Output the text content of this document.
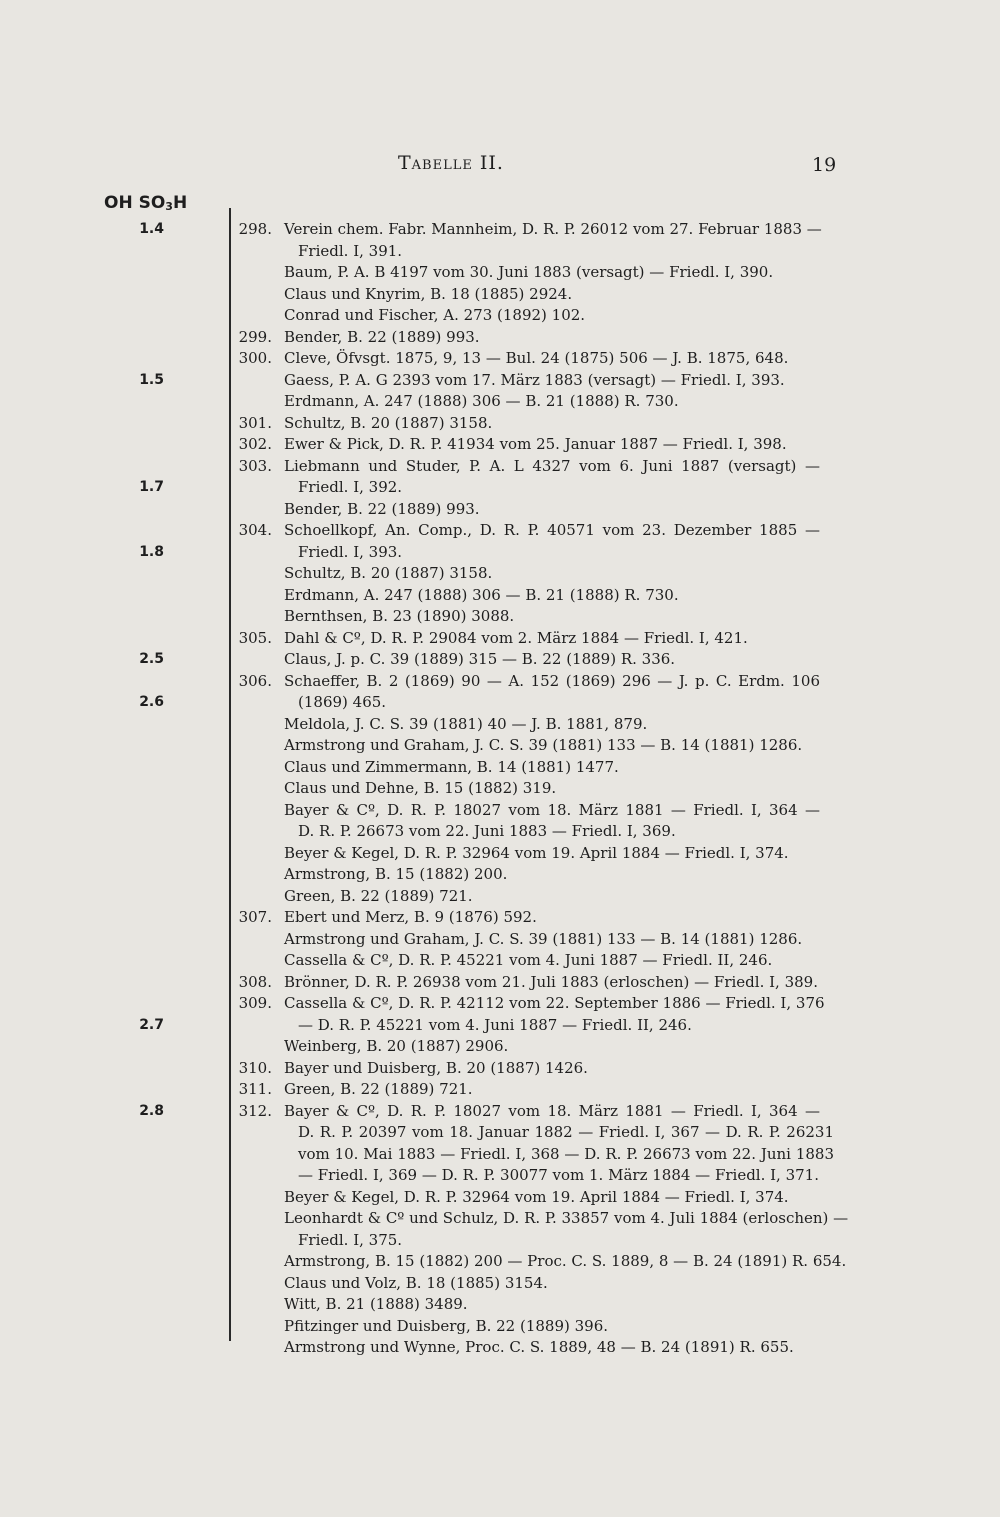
Tabelle II.	19
OH SO3H
1.4
1.5
1.7
1.8
2.5
2.6
2.7
2.8
298. Verein chem. Fabr. Mannheim, D. R. P. 26012 vom 27. Februar 1883 —
Friedl. I, 391.
Baum, P. A. B 4197 vom 30. Juni 1883 (versagt) — Friedl. I, 390.
Claus und Knyrim, B. 18 (1885) 2924.
Conrad und Fischer, A. 273 (1892) 102.
299. Bender, B. 22 (1889) 993.
300. Cleve, Öfvsgt. 1875, 9, 13 — Bul. 24 (1875) 506 — J. B. 1875, 648.
Gaess, P. A. G 2393 vom 17. März 1883 (versagt) — Friedl. I, 393.
Erdmann, A. 247 (1888) 306 — B. 21 (1888) R. 730.
301. Schultz, B. 20 (1887) 3158.
302. Ewer & Pick, D. R. P. 41934 vom 25. Januar 1887 — Friedl. I, 398.
303. Liebmann und Studer, P. A. L 4327 vom 6. Juni 1887 (versagt) —
Friedl. I, 392.
Bender, B. 22 (1889) 993.
304. Schoellkopf, An. Comp., D. R. P. 40571 vom 23. Dezember 1885 —
Friedl. I, 393.
Schultz, B. 20 (1887) 3158.
Erdmann, A. 247 (1888) 306 — B. 21 (1888) R. 730.
Bernthsen, B. 23 (1890) 3088.
305. Dahl & Cº, D. R. P. 29084 vom 2. März 1884 — Friedl. I, 421.
Claus, J. p. C. 39 (1889) 315 — B. 22 (1889) R. 336.
306. Schaeffer, B. 2 (1869) 90 — A. 152 (1869) 296 — J. p. C. Erdm. 106
(1869) 465.
Meldola, J. C. S. 39 (1881) 40 — J. B. 1881, 879.
Armstrong und Graham, J. C. S. 39 (1881) 133 — B. 14 (1881) 1286.
Claus und Zimmermann, B. 14 (1881) 1477.
Claus und Dehne, B. 15 (1882) 319.
Bayer & Cº, D. R. P. 18027 vom 18. März 1881 — Friedl. I, 364 —
D. R. P. 26673 vom 22. Juni 1883 — Friedl. I, 369.
Beyer & Kegel, D. R. P. 32964 vom 19. April 1884 — Friedl. I, 374.
Armstrong, B. 15 (1882) 200.
Green, B. 22 (1889) 721.
307. Ebert und Merz, B. 9 (1876) 592.
Armstrong und Graham, J. C. S. 39 (1881) 133 — B. 14 (1881) 1286.
Cassella & Cº, D. R. P. 45221 vom 4. Juni 1887 — Friedl. II, 246.
308. Brönner, D. R. P. 26938 vom 21. Juli 1883 (erloschen) — Friedl. I, 389.
309. Cassella & Cº, D. R. P. 42112 vom 22. September 1886 — Friedl. I, 376
— D. R. P. 45221 vom 4. Juni 1887 — Friedl. II, 246.
Weinberg, B. 20 (1887) 2906.
310. Bayer und Duisberg, B. 20 (1887) 1426.
311. Green, B. 22 (1889) 721.
312. Bayer & Cº, D. R. P. 18027 vom 18. März 1881 — Friedl. I, 364 —
D. R. P. 20397 vom 18. Januar 1882 — Friedl. I, 367 — D. R. P. 26231
vom 10. Mai 1883 — Friedl. I, 368 — D. R. P. 26673 vom 22. Juni 1883
— Friedl. I, 369 — D. R. P. 30077 vom 1. März 1884 — Friedl. I, 371.
Beyer & Kegel, D. R. P. 32964 vom 19. April 1884 — Friedl. I, 374.
Leonhardt & Cº und Schulz, D. R. P. 33857 vom 4. Juli 1884 (erloschen) —
Friedl. I, 375.
Armstrong, B. 15 (1882) 200 — Proc. C. S. 1889, 8 — B. 24 (1891) R. 654.
Claus und Volz, B. 18 (1885) 3154.
Witt, B. 21 (1888) 3489.
Pfitzinger und Duisberg, B. 22 (1889) 396.
Armstrong und Wynne, Proc. C. S. 1889, 48 — B. 24 (1891) R. 655.
